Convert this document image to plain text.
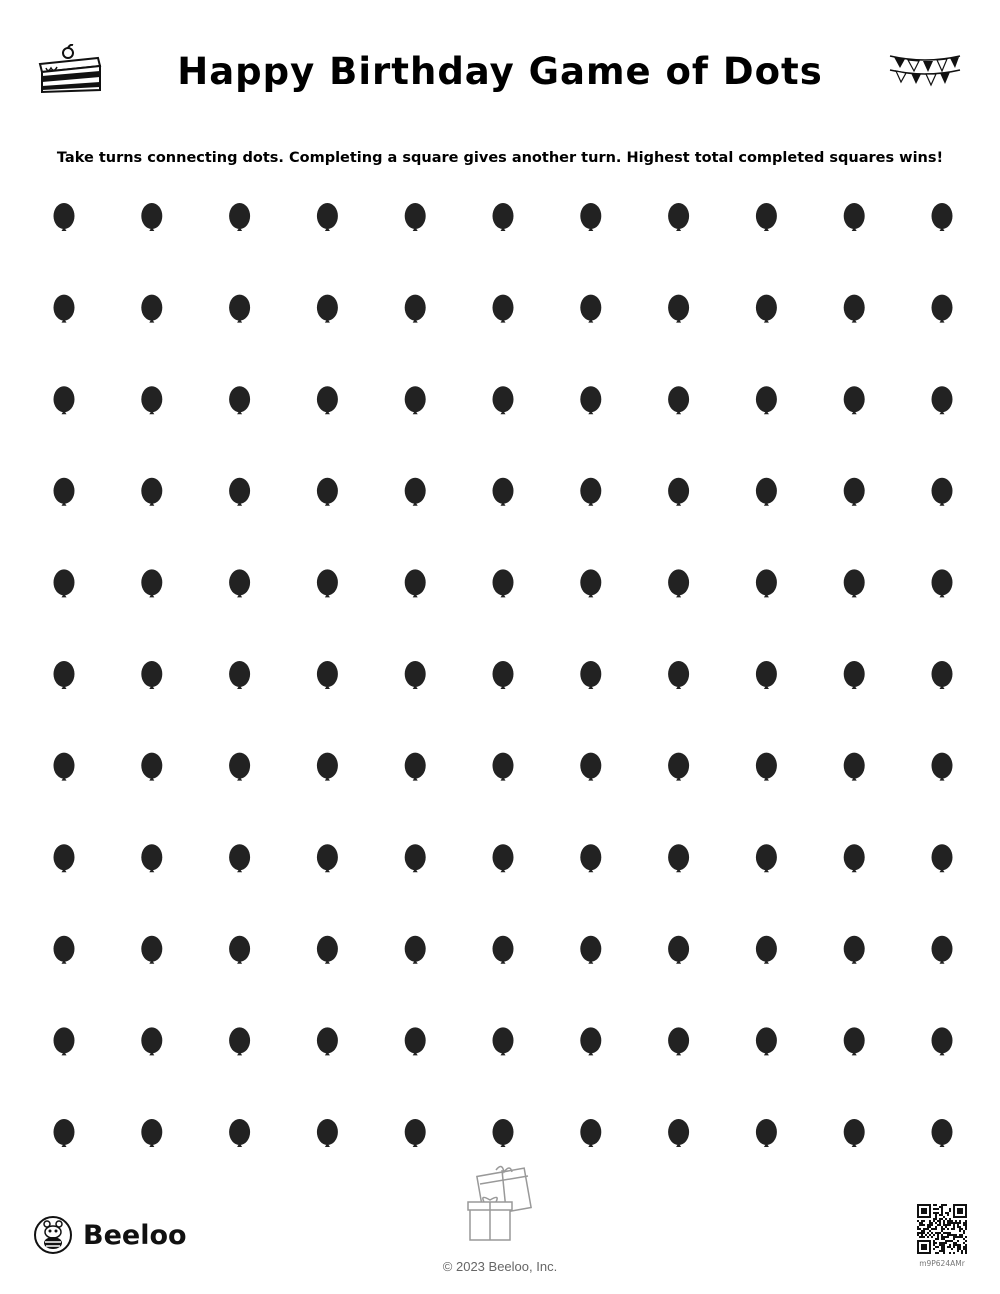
Happy Birthday Game of Dots
Take turns connecting dots. Completing a square gives another turn. Highest total completed squares wins!
Beeloo
© 2023 Beeloo, Inc.	m9P624AMr
